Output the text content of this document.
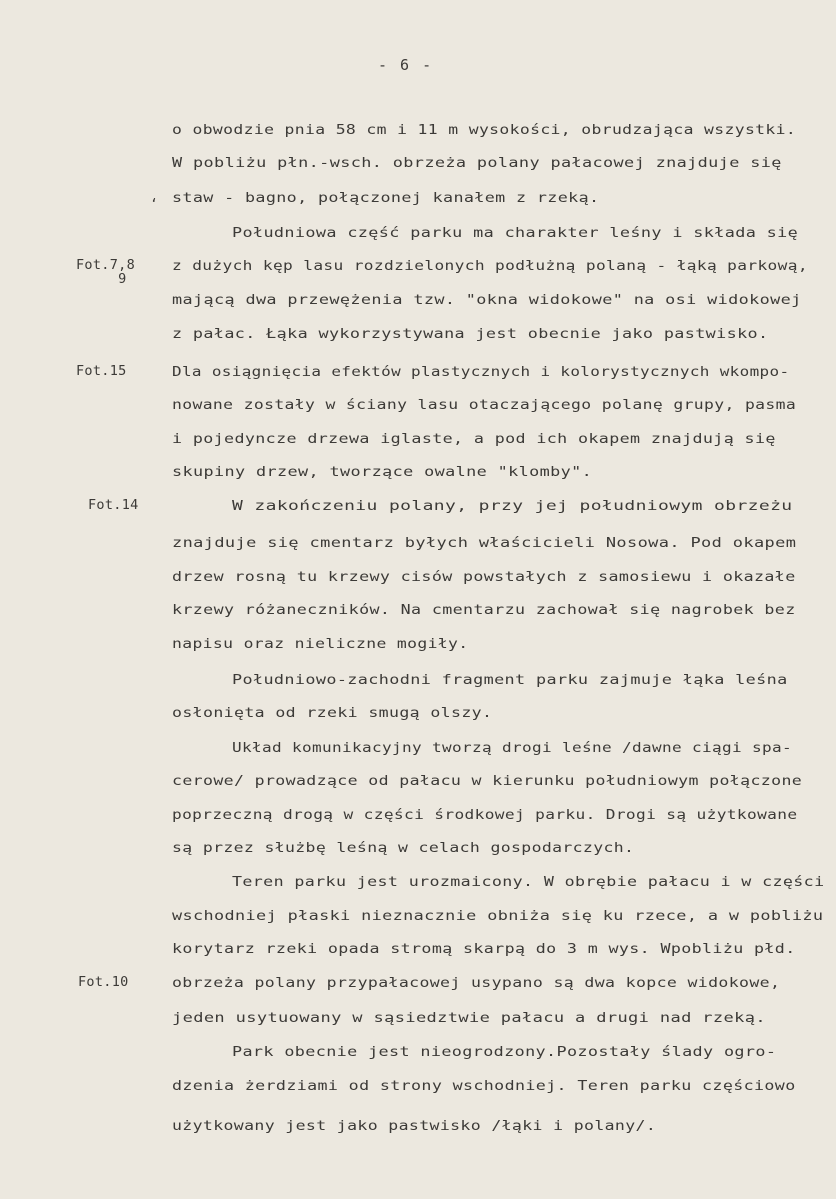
- 6 -
‘
Fot.7,8
9
Fot.15
Fot.14
Fot.10
o obwodzie pnia 58 cm i 11 m wysokości, obrudzająca wszystki.
W pobliżu płn.-wsch. obrzeża polany pałacowej znajduje się
staw - bagno, połączonej kanałem z rzeką.
Południowa część parku ma charakter leśny i składa się
z dużych kęp lasu rozdzielonych podłużną polaną - łąką parkową,
mającą dwa przewężenia tzw. "okna widokowe" na osi widokowej
z pałac. Łąka wykorzystywana jest obecnie jako pastwisko.
Dla osiągnięcia efektów plastycznych i kolorystycznych wkompo-
nowane zostały w ściany lasu otaczającego polanę grupy, pasma
i pojedyncze drzewa iglaste, a pod ich okapem znajdują się
skupiny drzew, tworzące owalne "klomby".
W zakończeniu polany, przy jej południowym obrzeżu
znajduje się cmentarz byłych właścicieli Nosowa. Pod okapem
drzew rosną tu krzewy cisów powstałych z samosiewu i okazałe
krzewy różaneczników. Na cmentarzu zachował się nagrobek bez
napisu oraz nieliczne mogiły.
Południowo-zachodni fragment parku zajmuje łąka leśna
osłonięta od rzeki smugą olszy.
Układ komunikacyjny tworzą drogi leśne /dawne ciągi spa-
cerowe/ prowadzące od pałacu w kierunku południowym połączone
poprzeczną drogą w części środkowej parku. Drogi są użytkowane
są przez służbę leśną w celach gospodarczych.
Teren parku jest urozmaicony. W obrębie pałacu i w części
wschodniej płaski nieznacznie obniża się ku rzece, a w pobliżu
korytarz rzeki opada stromą skarpą do 3 m wys. Wpobliżu płd.
obrzeża polany przypałacowej usypano są dwa kopce widokowe,
jeden usytuowany w sąsiedztwie pałacu a drugi nad rzeką.
Park obecnie jest nieogrodzony.Pozostały ślady ogro-
dzenia żerdziami od strony wschodniej. Teren parku częściowo
użytkowany jest jako pastwisko /łąki i polany/.
